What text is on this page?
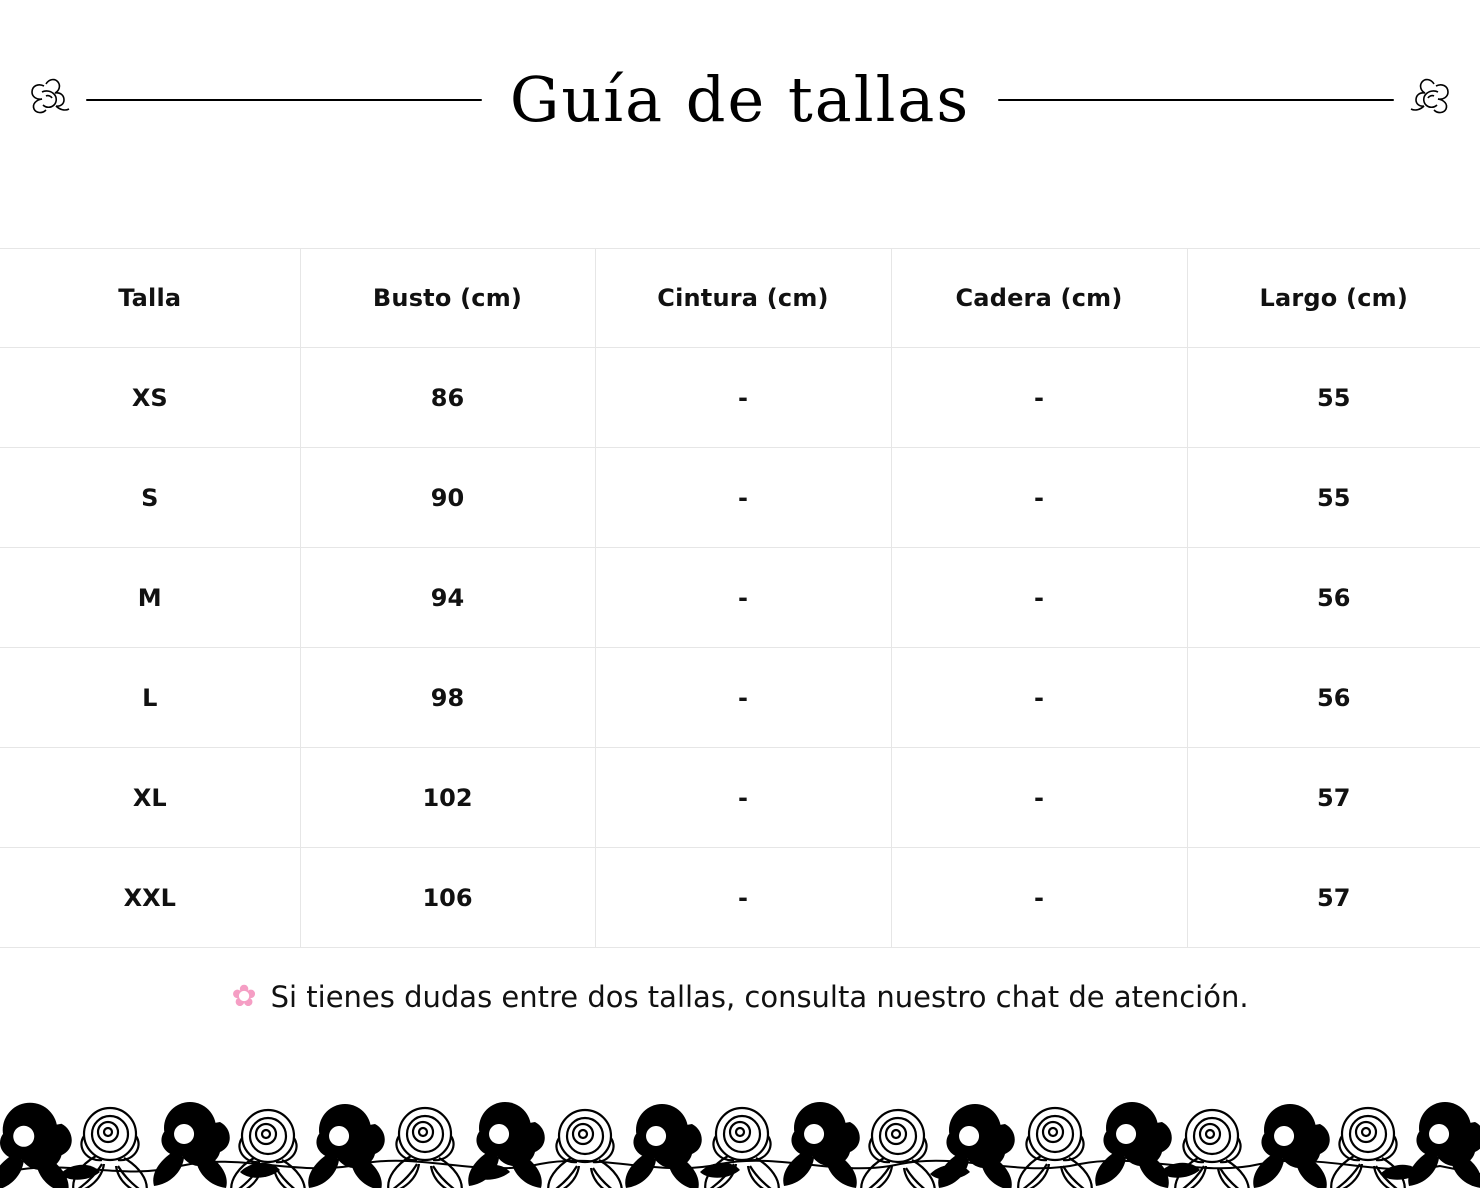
Guía de tallas
Talla	Busto (cm)	Cintura (cm)	Cadera (cm)	Largo (cm)
XS	86	-	-	55
S	90	-	-	55
M	94	-	-	56
L	98	-	-	56
XL	102	-	-	57
XXL	106	-	-	57
✿ Si tienes dudas entre dos tallas, consulta nuestro chat de atención.
